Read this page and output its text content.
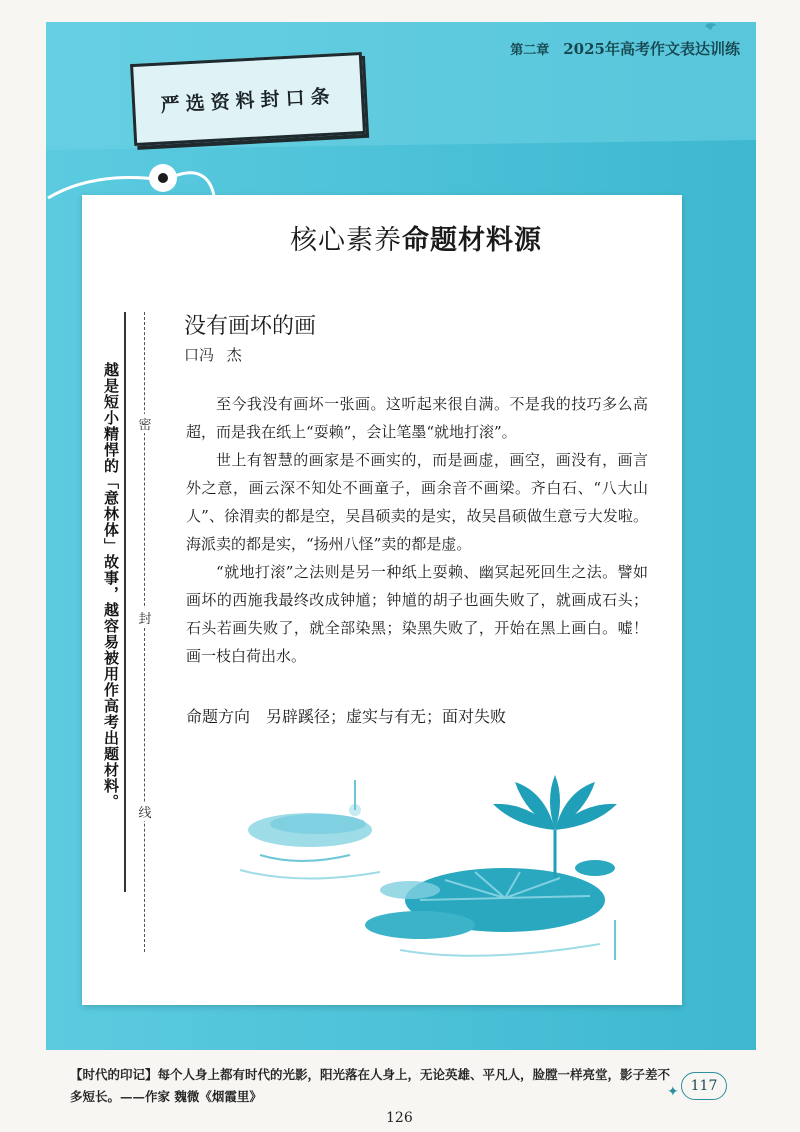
第二章 2025年高考作文表达训练
严选资料封口条
核心素养命题材料源
越是短小精悍的「意林体」故事，越容易被用作高考出题材料。 密
封
线
没有画坏的画
口冯 杰

至今我没有画坏一张画。这听起来很自满。不是我的技巧多么高超，而是我在纸上“耍赖”，会让笔墨“就地打滚”。

世上有智慧的画家是不画实的，而是画虚，画空，画没有，画言外之意，画云深不知处不画童子，画余音不画梁。齐白石、“八大山人”、徐渭卖的都是空，吴昌硕卖的是实，故吴昌硕做生意亏大发啦。海派卖的都是实，“扬州八怪”卖的都是虚。

“就地打滚”之法则是另一种纸上耍赖、幽冥起死回生之法。譬如画坏的西施我最终改成钟馗；钟馗的胡子也画失败了，就画成石头；石头若画失败了，就全部染黑；染黑失败了，开始在黑上画白。嘘！画一枝白荷出水。

命题方向 另辟蹊径；虚实与有无；面对失败
【时代的印记】每个人身上都有时代的光影，阳光落在人身上，无论英雄、平凡人，脸膛一样亮堂，影子差不多短长。——作家 魏微《烟霞里》
126
✦ 117
